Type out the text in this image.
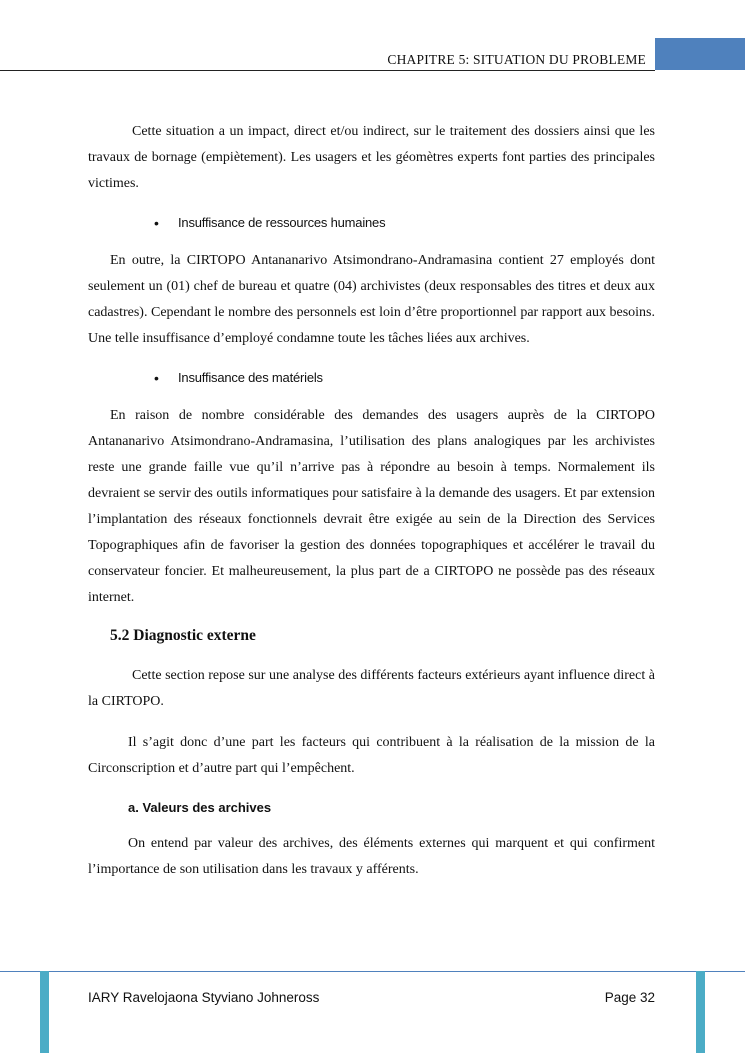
CHAPITRE 5: SITUATION DU PROBLEME

Cette situation a un impact, direct et/ou indirect, sur le traitement des dossiers ainsi que les travaux de bornage (empiètement). Les usagers et les géomètres experts font parties des principales victimes.

• Insuffisance de ressources humaines

En outre, la CIRTOPO Antananarivo Atsimondrano-Andramasina contient 27 employés dont seulement un (01) chef de bureau et quatre (04) archivistes (deux responsables des titres et deux aux cadastres). Cependant le nombre des personnels est loin d’être proportionnel par rapport aux besoins. Une telle insuffisance d’employé condamne toute les tâches liées aux archives.

• Insuffisance des matériels

En raison de nombre considérable des demandes des usagers auprès de la CIRTOPO Antananarivo Atsimondrano-Andramasina, l’utilisation des plans analogiques par les archivistes reste une grande faille vue qu’il n’arrive pas à répondre au besoin à temps. Normalement ils devraient se servir des outils informatiques pour satisfaire à la demande des usagers. Et par extension l’implantation des réseaux fonctionnels devrait être exigée au sein de la Direction des Services Topographiques afin de favoriser la gestion des données topographiques et accélérer le travail du conservateur foncier. Et malheureusement, la plus part de a CIRTOPO ne possède pas des réseaux internet.

5.2 Diagnostic externe

Cette section repose sur une analyse des différents facteurs extérieurs ayant influence direct à la CIRTOPO.

Il s’agit donc d’une part les facteurs qui contribuent à la réalisation de la mission de la Circonscription et d’autre part qui l’empêchent.

a. Valeurs des archives

On entend par valeur des archives, des éléments externes qui marquent et qui confirment l’importance de son utilisation dans les travaux y afférents.

IARY Ravelojaona Styviano Johneross	Page 32
